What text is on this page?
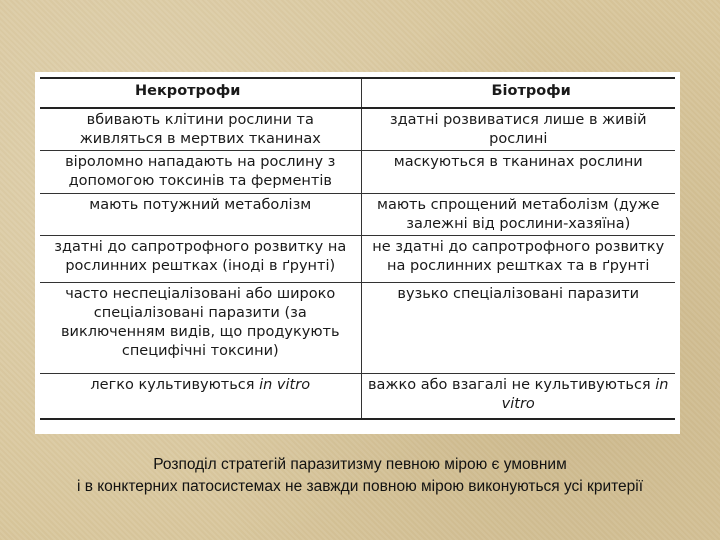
Некротрофи	Біотрофи
вбивають клітини рослини та живляться в мертвих тканинах	здатні розвиватися лише в живій рослині
віроломно нападають на рослину з допомогою токсинів та ферментів	маскуються в тканинах рослини
мають потужний метаболізм	мають спрощений метаболізм (дуже залежні від рослини-хазяїна)
здатні до сапротрофного розвитку на рослинних рештках (іноді в ґрунті)	не здатні до сапротрофного розвитку на рослинних рештках та в ґрунті
часто неспеціалізовані або широко спеціалізовані паразити (за виключенням видів, що продукують специфічні токсини)	вузько спеціалізовані паразити
легко культивуються in vitro	важко або взагалі не культивуються in vitro
Розподіл стратегій паразитизму певною мірою є умовним
і в конктерних патосистемах не завжди повною мірою виконуються усі критерії
